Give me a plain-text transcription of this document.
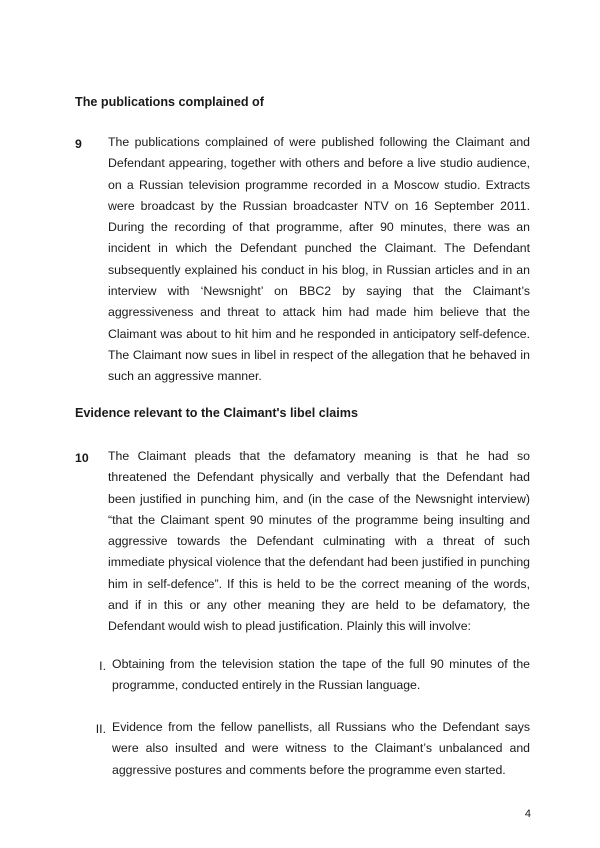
The publications complained of
9 The publications complained of were published following the Claimant and Defendant appearing, together with others and before a live studio audience, on a Russian television programme recorded in a Moscow studio. Extracts were broadcast by the Russian broadcaster NTV on 16 September 2011. During the recording of that programme, after 90 minutes, there was an incident in which the Defendant punched the Claimant. The Defendant subsequently explained his conduct in his blog, in Russian articles and in an interview with ‘Newsnight’ on BBC2 by saying that the Claimant’s aggressiveness and threat to attack him had made him believe that the Claimant was about to hit him and he responded in anticipatory self-defence. The Claimant now sues in libel in respect of the allegation that he behaved in such an aggressive manner.

Evidence relevant to the Claimant's libel claims
10 The Claimant pleads that the defamatory meaning is that he had so threatened the Defendant physically and verbally that the Defendant had been justified in punching him, and (in the case of the Newsnight interview) “that the Claimant spent 90 minutes of the programme being insulting and aggressive towards the Defendant culminating with a threat of such immediate physical violence that the defendant had been justified in punching him in self-defence”. If this is held to be the correct meaning of the words, and if in this or any other meaning they are held to be defamatory, the Defendant would wish to plead justification. Plainly this will involve:

I. Obtaining from the television station the tape of the full 90 minutes of the programme, conducted entirely in the Russian language.

II. Evidence from the fellow panellists, all Russians who the Defendant says were also insulted and were witness to the Claimant’s unbalanced and aggressive postures and comments before the programme even started.

4
